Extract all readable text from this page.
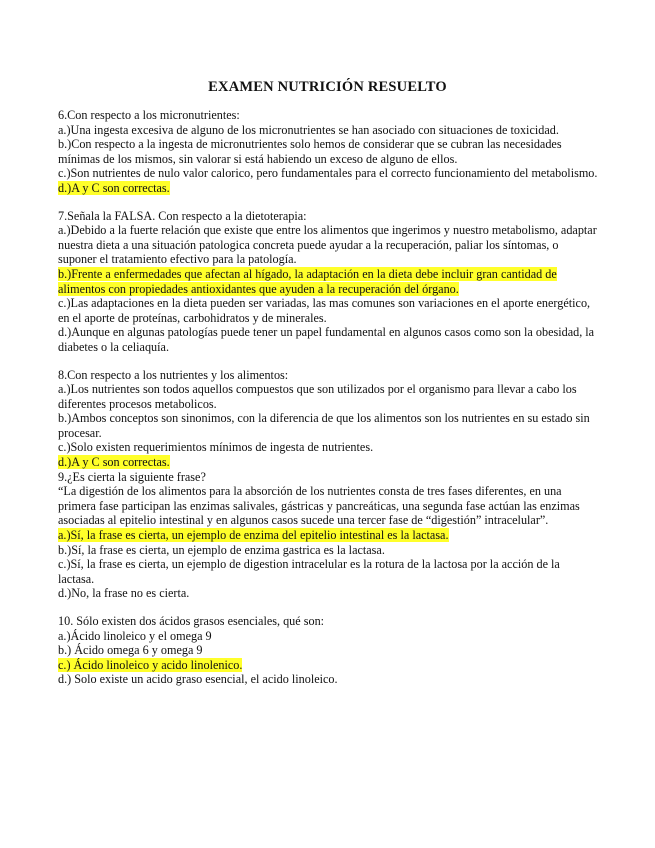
EXAMEN NUTRICIÓN RESUELTO
6.Con respecto a los micronutrientes:
a.)Una ingesta excesiva de alguno de los micronutrientes se han asociado con situaciones de toxicidad.
b.)Con respecto a la ingesta de micronutrientes solo hemos de considerar que se cubran las necesidades mínimas de los mismos, sin valorar si está habiendo un exceso de alguno de ellos.
c.)Son nutrientes de nulo valor calorico, pero fundamentales para el correcto funcionamiento del metabolismo.
d.)A y C son correctas.
7.Señala la FALSA. Con respecto a la dietoterapia:
a.)Debido a la fuerte relación que existe que entre los alimentos que ingerimos y nuestro metabolismo, adaptar nuestra dieta a una situación patologica concreta puede ayudar a la recuperación, paliar los síntomas, o suponer el tratamiento efectivo para la patología.
b.)Frente a enfermedades que afectan al hígado, la adaptación en la dieta debe incluir gran cantidad de alimentos con propiedades antioxidantes que ayuden a la recuperación del órgano.
c.)Las adaptaciones en la dieta pueden ser variadas, las mas comunes son variaciones en el aporte energético, en el aporte de proteínas, carbohidratos y de minerales.
d.)Aunque en algunas patologías puede tener un papel fundamental en algunos casos como son la obesidad, la diabetes o la celiaquía.
8.Con respecto a los nutrientes y los alimentos:
a.)Los nutrientes son todos aquellos compuestos que son utilizados por el organismo para llevar a cabo los diferentes procesos metabolicos.
b.)Ambos conceptos son sinonimos, con la diferencia de que los alimentos son los nutrientes en su estado sin procesar.
c.)Solo existen requerimientos mínimos de ingesta de nutrientes.
d.)A y C son correctas.
9.¿Es cierta la siguiente frase?
“La digestión de los alimentos para la absorción de los nutrientes consta de tres fases diferentes, en una primera fase participan las enzimas salivales, gástricas y pancreáticas, una segunda fase actúan las enzimas asociadas al epitelio intestinal y en algunos casos sucede una tercer fase de “digestión” intracelular”.
a.)Sí, la frase es cierta, un ejemplo de enzima del epitelio intestinal es la lactasa.
b.)Sí, la frase es cierta, un ejemplo de enzima gastrica es la lactasa.
c.)Sí, la frase es cierta, un ejemplo de digestion intracelular es la rotura de la lactosa por la acción de la lactasa.
d.)No, la frase no es cierta.
10. Sólo existen dos ácidos grasos esenciales, qué son:
a.)Ácido linoleico y el omega 9
b.) Ácido omega 6 y omega 9
c.) Ácido linoleico y acido linolenico.
d.) Solo existe un acido graso esencial, el acido linoleico.
